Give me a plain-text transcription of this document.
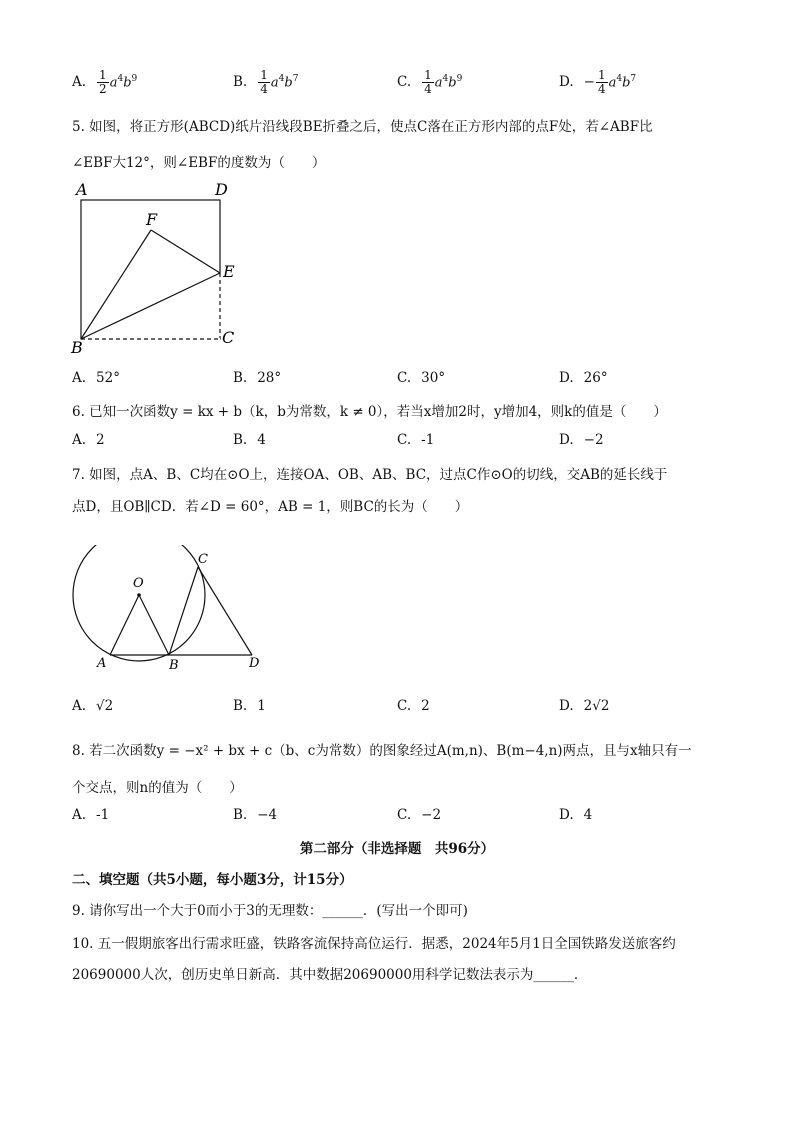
A. $\frac{1}{2} a^4b^9$	B. $\frac{1}{4} a^4b^7$	C. $\frac{1}{4} a^4b^9$	D. − $\frac{1}{4} a^4b^7$
5. 如图，将正方形(ABCD)纸片沿线段BE折叠之后，使点C落在正方形内部的点F处，若∠ABF比
∠EBF大12°，则∠EBF的度数为（　　）
A	D
F
E
B
C
A. 52°	B. 28°	C. 30°	D. 26°
6. 已知一次函数y = kx + b（k，b为常数，k ≠ 0），若当x增加2时，y增加4，则k的值是（　　）
A. 2	B. 4	C. -1	D. −2
7. 如图，点A、B、C均在⊙O上，连接OA、OB、AB、BC，过点C作⊙O的切线，交AB的延长线于
点D，且OB∥CD．若∠D = 60°，AB = 1，则BC的长为（　　）
O
C
A	B	D
A. √2	B. 1	C. 2	D. 2√2
8. 若二次函数y = −x² + bx + c（b、c为常数）的图象经过A(m,n)、B(m−4,n)两点，且与x轴只有一
个交点，则n的值为（　　）
A. -1	B. −4	C. −2	D. 4
第二部分（非选择题　共96分）
二、填空题（共5小题，每小题3分，计15分）
9. 请你写出一个大于0而小于3的无理数：______．(写出一个即可)
10. 五一假期旅客出行需求旺盛，铁路客流保持高位运行．据悉，2024年5月1日全国铁路发送旅客约
20690000人次，创历史单日新高．其中数据20690000用科学记数法表示为______．
